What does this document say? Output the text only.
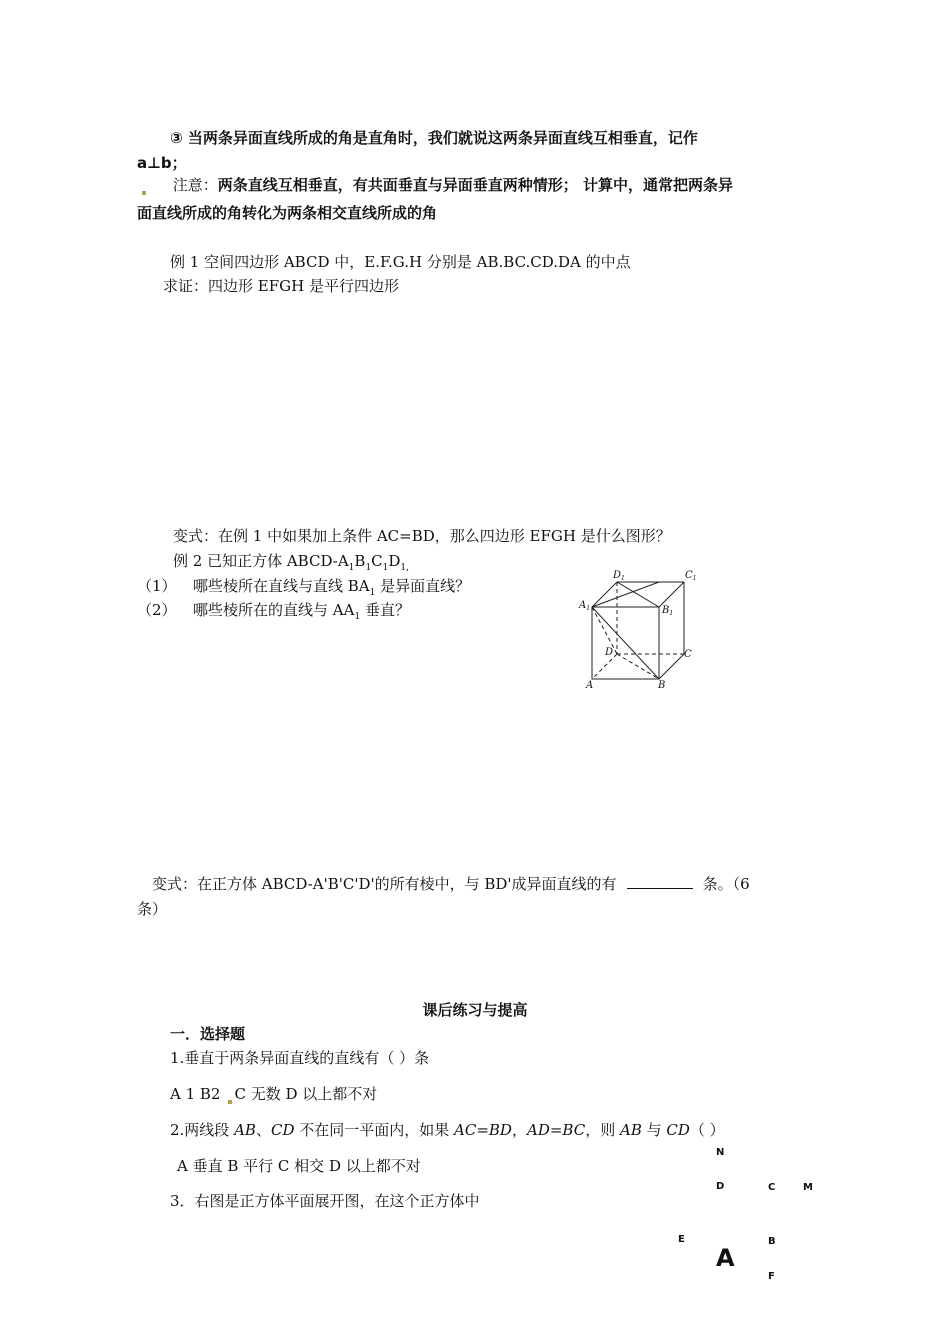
③ 当两条异面直线所成的角是直角时，我们就说这两条异面直线互相垂直，记作
a⊥b；
注意：两条直线互相垂直，有共面垂直与异面垂直两种情形； 计算中，通常把两条异
面直线所成的角转化为两条相交直线所成的角
例 1 空间四边形 ABCD 中，E.F.G.H 分别是 AB.BC.CD.DA 的中点
求证：四边形 EFGH 是平行四边形
变式：在例 1 中如果加上条件 AC=BD，那么四边形 EFGH 是什么图形？
例 2 已知正方体 ABCD-$A_1B_1C_1D_{1,}$
（1） 哪些棱所在直线与直线 $BA_1$ 是异面直线？
（2） 哪些棱所在的直线与 $AA_1$ 垂直？
$D_1$	$C_1$
$A_1$	$B_1$
D	C
A	B
变式：在正方体 ABCD-A'B'C'D'的所有棱中，与 BD'成异面直线的有	条。（6
条）
课后练习与提高
一．选择题
1.垂直于两条异面直线的直线有（ ）条
A 1 B2 C 无数 D 以上都不对
2.两线段 AB、CD 不在同一平面内，如果 AC=BD，AD=BC，则 AB 与 CD（ ）
A 垂直 B 平行 C 相交 D 以上都不对
3．右图是正方体平面展开图，在这个正方体中
N
D	C	M
E
A
B
F
